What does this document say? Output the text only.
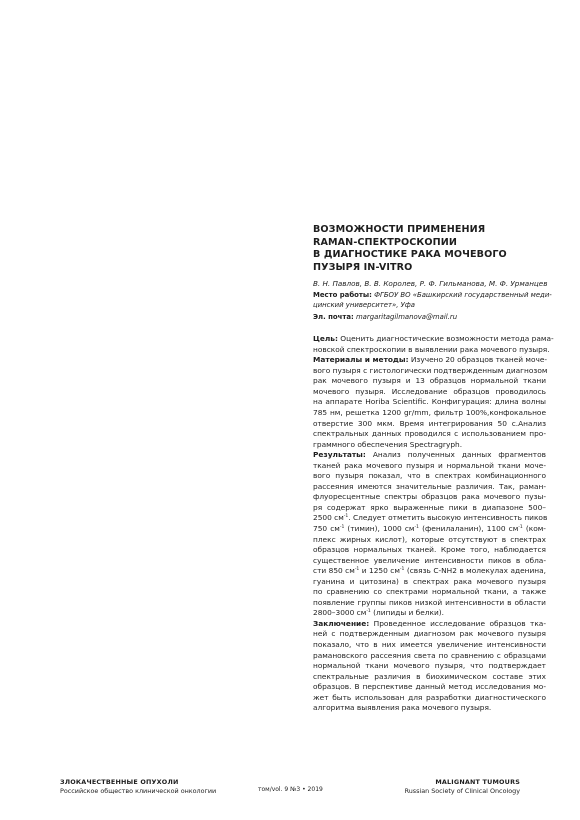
ВОЗМОЖНОСТИ ПРИМЕНЕНИЯ
RAMAN-СПЕКТРОСКОПИИ
В ДИАГНОСТИКЕ РАКА МОЧЕВОГО
ПУЗЫРЯ IN-VITRO

В. Н. Павлов, В. В. Королев, Р. Ф. Гильманова, М. Ф. Урманцев

Место работы: ФГБОУ ВО «Башкирский государственный меди-
цинский университет», Уфа

Эл. почта: margaritagilmanova@mail.ru

Цель: Оценить диагностические возможности метода рама-
новской спектроскопии в выявлении рака мочевого пузыря.
Материалы и методы: Изучено 20 образцов тканей моче-
вого пузыря с гистологически подтвержденным диагнозом
рак мочевого пузыря и 13 образцов нормальной ткани
мочевого пузыря. Исследование образцов проводилось
на аппарате Horiba Scientific. Конфигурация: длина волны
785 нм, решетка 1200 gr/mm, фильтр 100%,конфокальное
отверстие 300 мкм. Время интегрирования 50 с.Анализ
спектральных данных проводился с использованием про-
граммного обеспечения Spectragryph.
Результаты: Анализ полученных данных фрагментов
тканей рака мочевого пузыря и нормальной ткани моче-
вого пузыря показал, что в спектрах комбинационного
рассеяния имеются значительные различия. Так, раман-
флуоресцентные спектры образцов рака мочевого пузы-
ря содержат ярко выраженные пики в диапазоне 500–
2500 $см^{-1}$. Следует отметить высокую интенсивность пиков
750 $см^{-1}$ (тимин), 1000 $см^{-1}$ (фенилаланин), 1100 $см^{-1}$ (ком-
плекс жирных кислот), которые отсутствуют в спектрах
образцов нормальных тканей. Кроме того, наблюдается
существенное увеличение интенсивности пиков в обла-
сти 850 $см^{-1}$ и 1250 $см^{-1}$ (связь C-NH2 в молекулах аденина,
гуанина и цитозина) в спектрах рака мочевого пузыря
по сравнению со спектрами нормальной ткани, а также
появление группы пиков низкой интенсивности в области
2800–3000 $см^{-1}$ (липиды и белки).
Заключение: Проведенное исследование образцов тка-
ней с подтвержденным диагнозом рак мочевого пузыря
показало, что в них имеется увеличение интенсивности
рамановского рассеяния света по сравнению с образцами
нормальной ткани мочевого пузыря, что подтверждает
спектральные различия в биохимическом составе этих
образцов. В перспективе данный метод исследования мо-
жет быть использован для разработки диагностического
алгоритма выявления рака мочевого пузыря.
ЗЛОКАЧЕСТВЕННЫЕ ОПУХОЛИ
Российское общество клинической онкологии	том/vol. 9 №3 • 2019
MALIGNANT TUMOURS
Russian Society of Clinical Oncology
